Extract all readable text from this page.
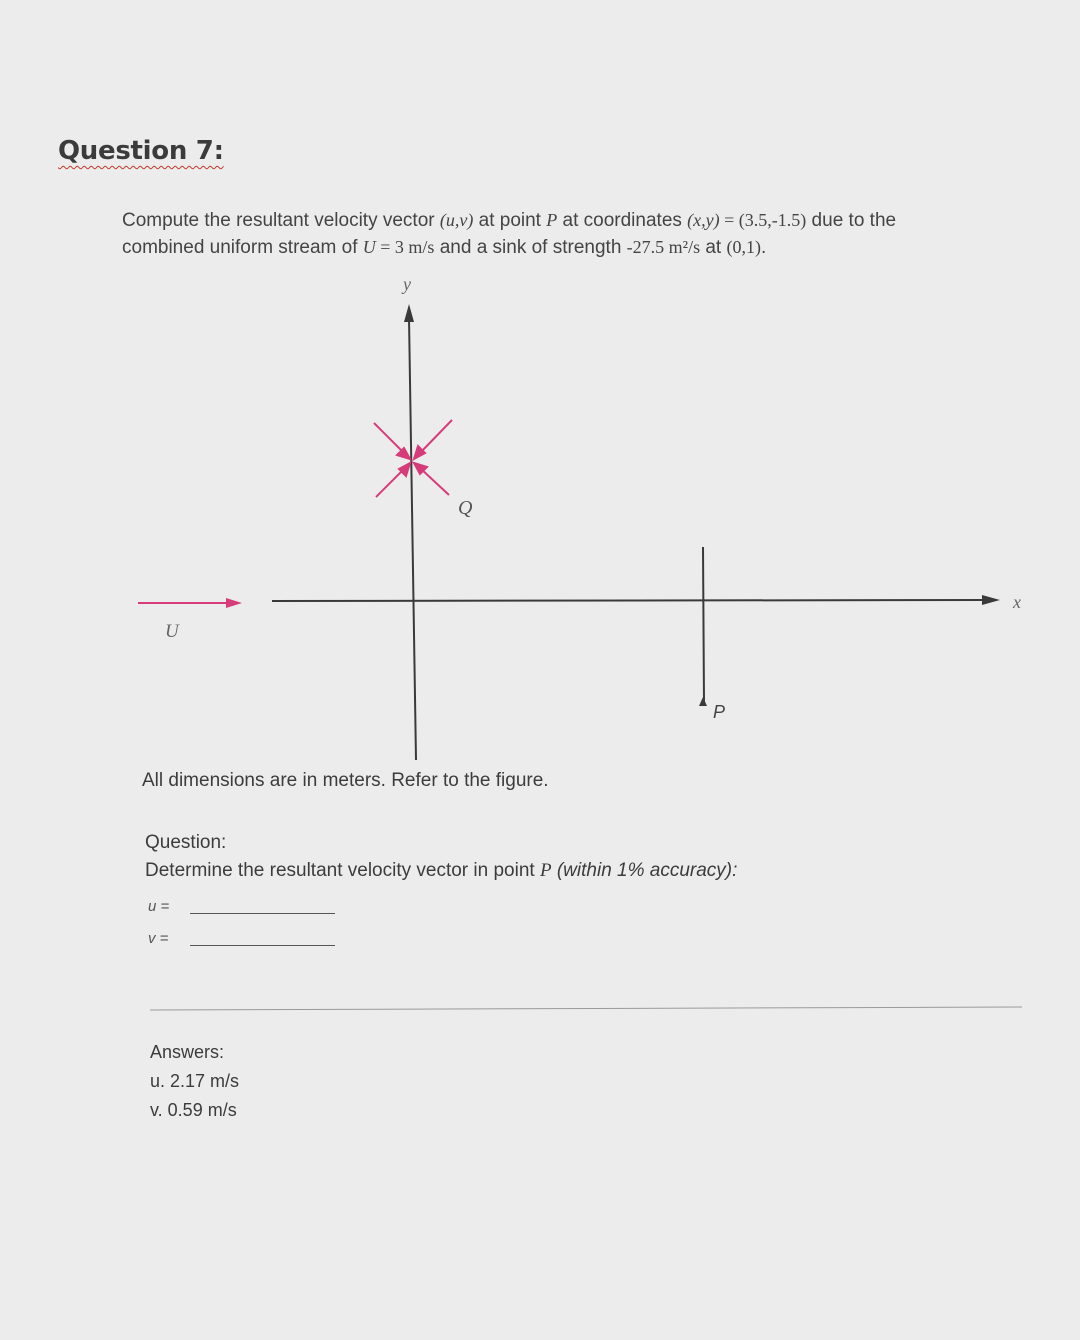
Question 7:
Compute the resultant velocity vector (u,v) at point P at coordinates (x,y) = (3.5,-1.5) due to the
combined uniform stream of U = 3 m/s and a sink of strength -27.5 m²/s at (0,1).
y
x
Q
U
P
All dimensions are in meters. Refer to the figure.
Question:
Determine the resultant velocity vector in point P (within 1% accuracy):
u =
v =
Answers:
u. 2.17 m/s
v. 0.59 m/s
